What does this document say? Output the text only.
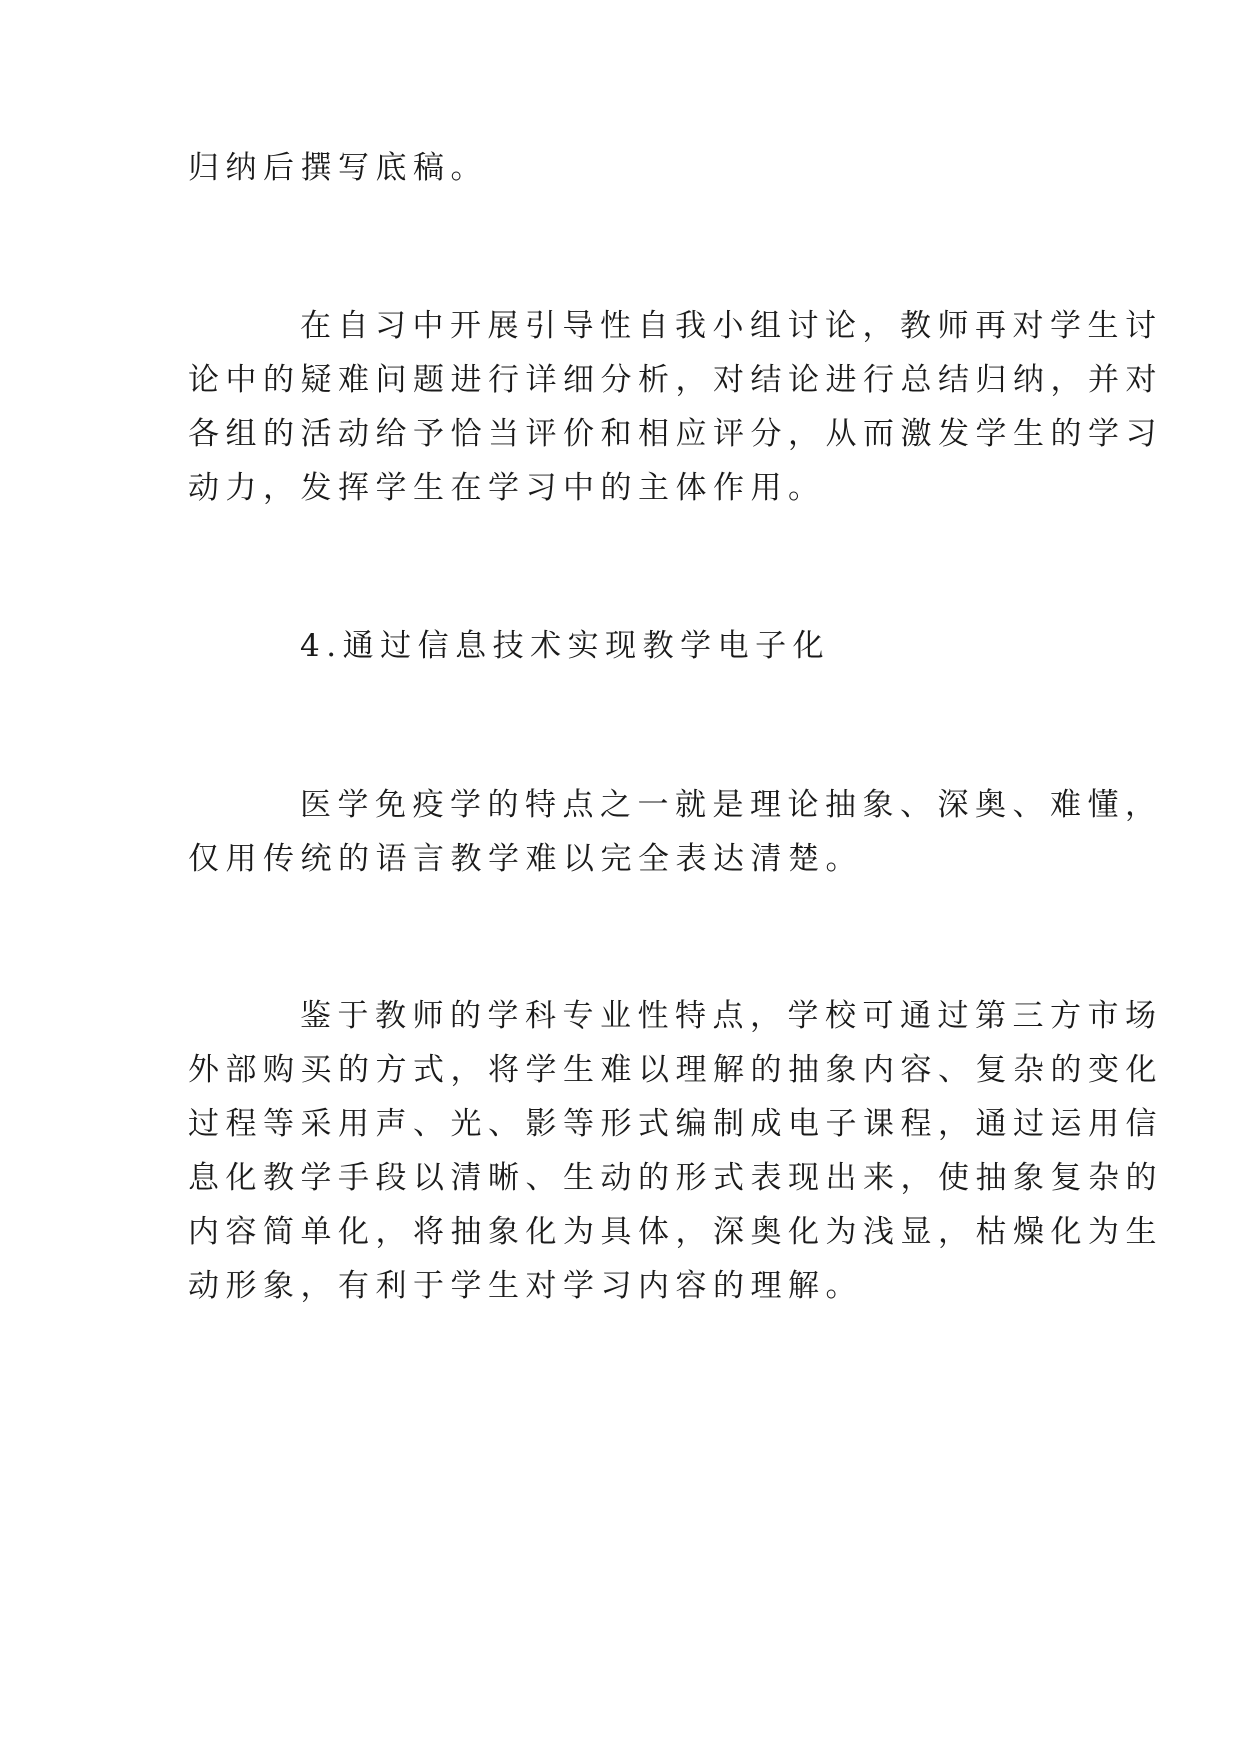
归纳后撰写底稿。
在自习中开展引导性自我小组讨论，教师再对学生讨
论中的疑难问题进行详细分析，对结论进行总结归纳，并对
各组的活动给予恰当评价和相应评分，从而激发学生的学习
动力，发挥学生在学习中的主体作用。
4.通过信息技术实现教学电子化
医学免疫学的特点之一就是理论抽象、深奥、难懂，
仅用传统的语言教学难以完全表达清楚。
鉴于教师的学科专业性特点，学校可通过第三方市场
外部购买的方式，将学生难以理解的抽象内容、复杂的变化
过程等采用声、光、影等形式编制成电子课程，通过运用信
息化教学手段以清晰、生动的形式表现出来，使抽象复杂的
内容简单化，将抽象化为具体，深奥化为浅显，枯燥化为生
动形象，有利于学生对学习内容的理解。
